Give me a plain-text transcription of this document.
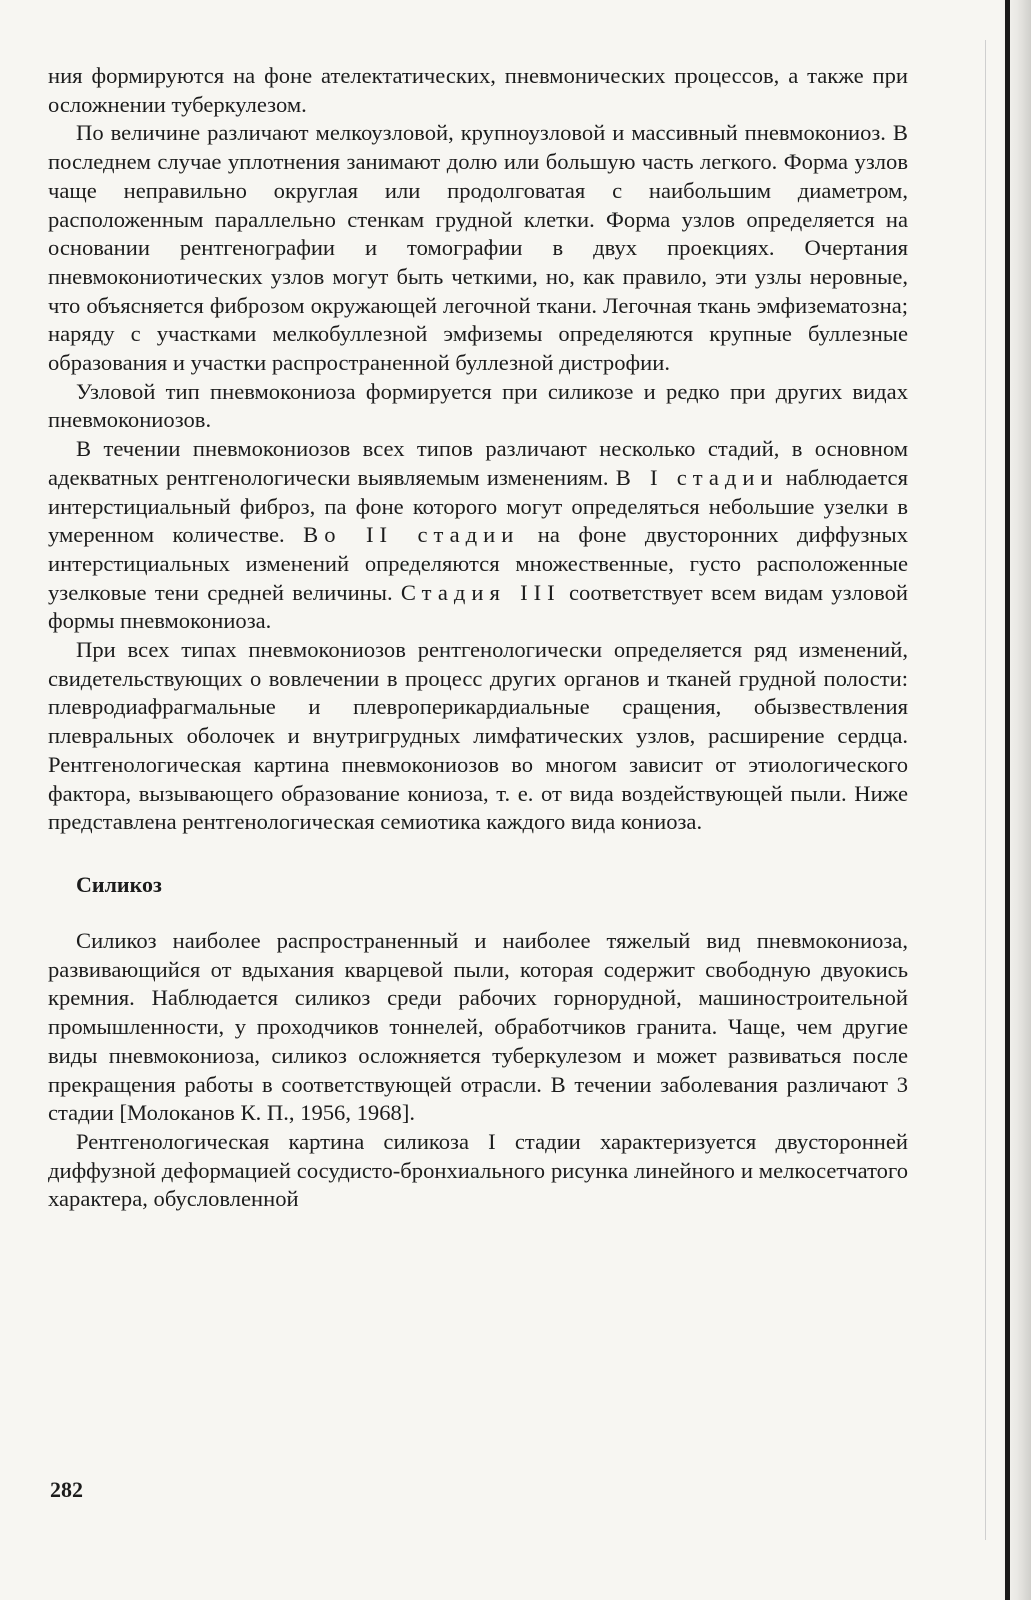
ния формируются на фоне ателектатических, пневмонических процессов, а также при осложнении туберкулезом.

По величине различают мелкоузловой, крупноузловой и массивный пневмокониоз. В последнем случае уплотнения занимают долю или большую часть легкого. Форма узлов чаще неправильно округлая или продолговатая с наибольшим диаметром, расположенным параллельно стенкам грудной клетки. Форма узлов определяется на основании рентгенографии и томографии в двух проекциях. Очертания пневмокониотических узлов могут быть четкими, но, как правило, эти узлы неровные, что объясняется фиброзом окружающей легочной ткани. Легочная ткань эмфизематозна; наряду с участками мелкобуллезной эмфиземы определяются крупные буллезные образования и участки распространенной буллезной дистрофии.

Узловой тип пневмокониоза формируется при силикозе и редко при других видах пневмокониозов.

В течении пневмокониозов всех типов различают несколько стадий, в основном адекватных рентгенологически выявляемым изменениям. В I стадии наблюдается интерстициальный фиброз, па фоне которого могут определяться небольшие узелки в умеренном количестве. Во II стадии на фоне двусторонних диффузных интерстициальных изменений определяются множественные, густо расположенные узелковые тени средней величины. Стадия III соответствует всем видам узловой формы пневмокониоза.

При всех типах пневмокониозов рентгенологически определяется ряд изменений, свидетельствующих о вовлечении в процесс других органов и тканей грудной полости: плевродиафрагмальные и плевроперикардиальные сращения, обызвествления плевральных оболочек и внутригрудных лимфатических узлов, расширение сердца. Рентгенологическая картина пневмокониозов во многом зависит от этиологического фактора, вызывающего образование кониоза, т. е. от вида воздействующей пыли. Ниже представлена рентгенологическая семиотика каждого вида кониоза.

Силикоз

Силикоз наиболее распространенный и наиболее тяжелый вид пневмокониоза, развивающийся от вдыхания кварцевой пыли, которая содержит свободную двуокись кремния. Наблюдается силикоз среди рабочих горнорудной, машиностроительной промышленности, у проходчиков тоннелей, обработчиков гранита. Чаще, чем другие виды пневмокониоза, силикоз осложняется туберкулезом и может развиваться после прекращения работы в соответствующей отрасли. В течении заболевания различают 3 стадии [Молоканов К. П., 1956, 1968].

Рентгенологическая картина силикоза I стадии характеризуется двусторонней диффузной деформацией сосудисто-бронхиального рисунка линейного и мелкосетчатого характера, обусловленной

282
